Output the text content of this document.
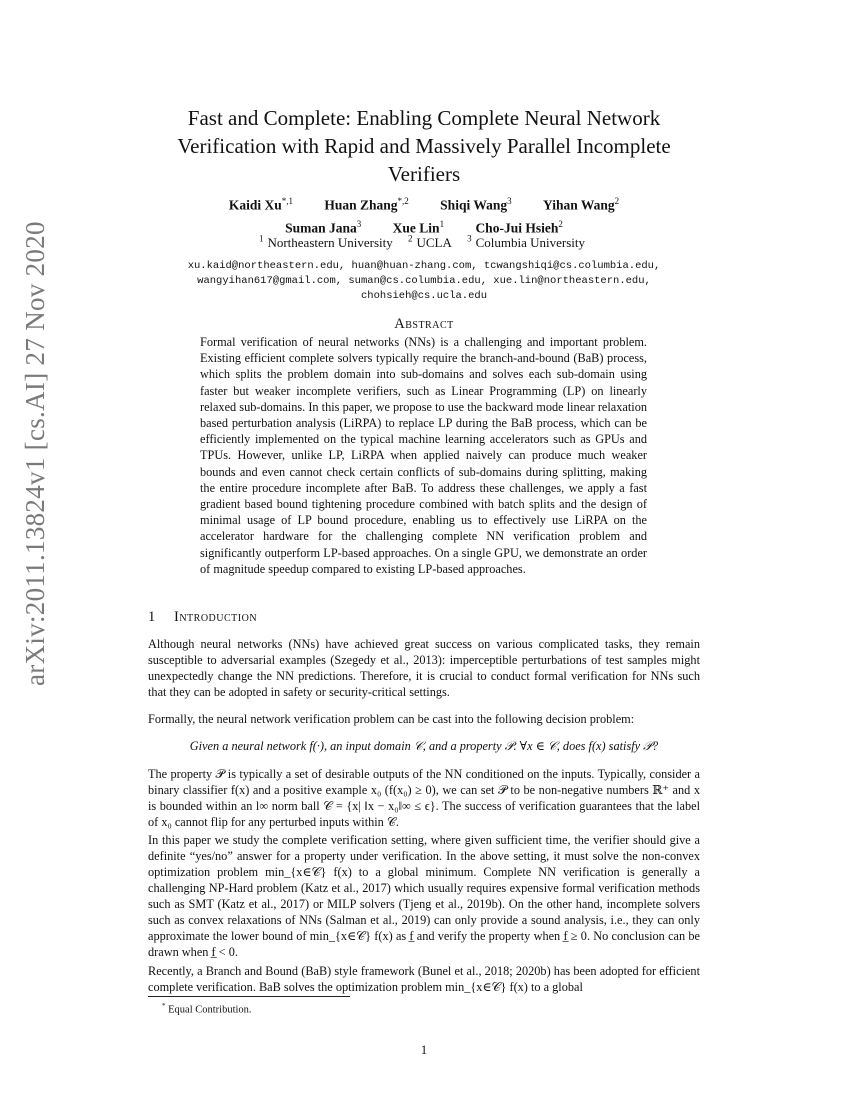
arXiv:2011.13824v1 [cs.AI] 27 Nov 2020
Fast and Complete: Enabling Complete Neural Network Verification with Rapid and Massively Parallel Incomplete Verifiers
Kaidi $Xu^{*,1}$ Huan Zhang$^{*,2}$ Shiqi Wang$^3$ Yihan Wang$^2$
Suman Jana$^3$ Xue Lin$^1$ Cho-Jui Hsieh$^2$
$^1$ Northeastern University $^2$ UCLA $^3$ Columbia University
xu.kaid@northeastern.edu, huan@huan-zhang.com, tcwangshiqi@cs.columbia.edu,
wangyihan617@gmail.com, suman@cs.columbia.edu, xue.lin@northeastern.edu,
chohsieh@cs.ucla.edu
Abstract

Formal verification of neural networks (NNs) is a challenging and important problem. Existing efficient complete solvers typically require the branch-and-bound (BaB) process, which splits the problem domain into sub-domains and solves each sub-domain using faster but weaker incomplete verifiers, such as Linear Programming (LP) on linearly relaxed sub-domains. In this paper, we propose to use the backward mode linear relaxation based perturbation analysis (LiRPA) to replace LP during the BaB process, which can be efficiently implemented on the typical machine learning accelerators such as GPUs and TPUs. However, unlike LP, LiRPA when applied naively can produce much weaker bounds and even cannot check certain conflicts of sub-domains during splitting, making the entire procedure incomplete after BaB. To address these challenges, we apply a fast gradient based bound tightening procedure combined with batch splits and the design of minimal usage of LP bound procedure, enabling us to effectively use LiRPA on the accelerator hardware for the challenging complete NN verification problem and significantly outperform LP-based approaches. On a single GPU, we demonstrate an order of magnitude speedup compared to existing LP-based approaches.

1 Introduction

Although neural networks (NNs) have achieved great success on various complicated tasks, they remain susceptible to adversarial examples (Szegedy et al., 2013): imperceptible perturbations of test samples might unexpectedly change the NN predictions. Therefore, it is crucial to conduct formal verification for NNs such that they can be adopted in safety or security-critical settings.

Formally, the neural network verification problem can be cast into the following decision problem:

Given a neural network f(·), an input domain 𝒞, and a property 𝒫. ∀x ∈ 𝒞, does f(x) satisfy 𝒫?

The property 𝒫 is typically a set of desirable outputs of the NN conditioned on the inputs. Typically, consider a binary classifier f(x) and a positive example x₀ (f(x₀) ≥ 0), we can set 𝒫 to be non-negative numbers ℝ⁺ and x is bounded within an l∞ norm ball 𝒞 = {x| ‖x − x₀‖∞ ≤ ϵ}. The success of verification guarantees that the label of x₀ cannot flip for any perturbed inputs within 𝒞.

In this paper we study the complete verification setting, where given sufficient time, the verifier should give a definite “yes/no” answer for a property under verification. In the above setting, it must solve the non-convex optimization problem min_{x∈𝒞} f(x) to a global minimum. Complete NN verification is generally a challenging NP-Hard problem (Katz et al., 2017) which usually requires expensive formal verification methods such as SMT (Katz et al., 2017) or MILP solvers (Tjeng et al., 2019b). On the other hand, incomplete solvers such as convex relaxations of NNs (Salman et al., 2019) can only provide a sound analysis, i.e., they can only approximate the lower bound of min_{x∈𝒞} f(x) as f̲ and verify the property when f̲ ≥ 0. No conclusion can be drawn when f̲ < 0.

Recently, a Branch and Bound (BaB) style framework (Bunel et al., 2018; 2020b) has been adopted for efficient complete verification. BaB solves the optimization problem min_{x∈𝒞} f(x) to a global

* Equal Contribution.
1
